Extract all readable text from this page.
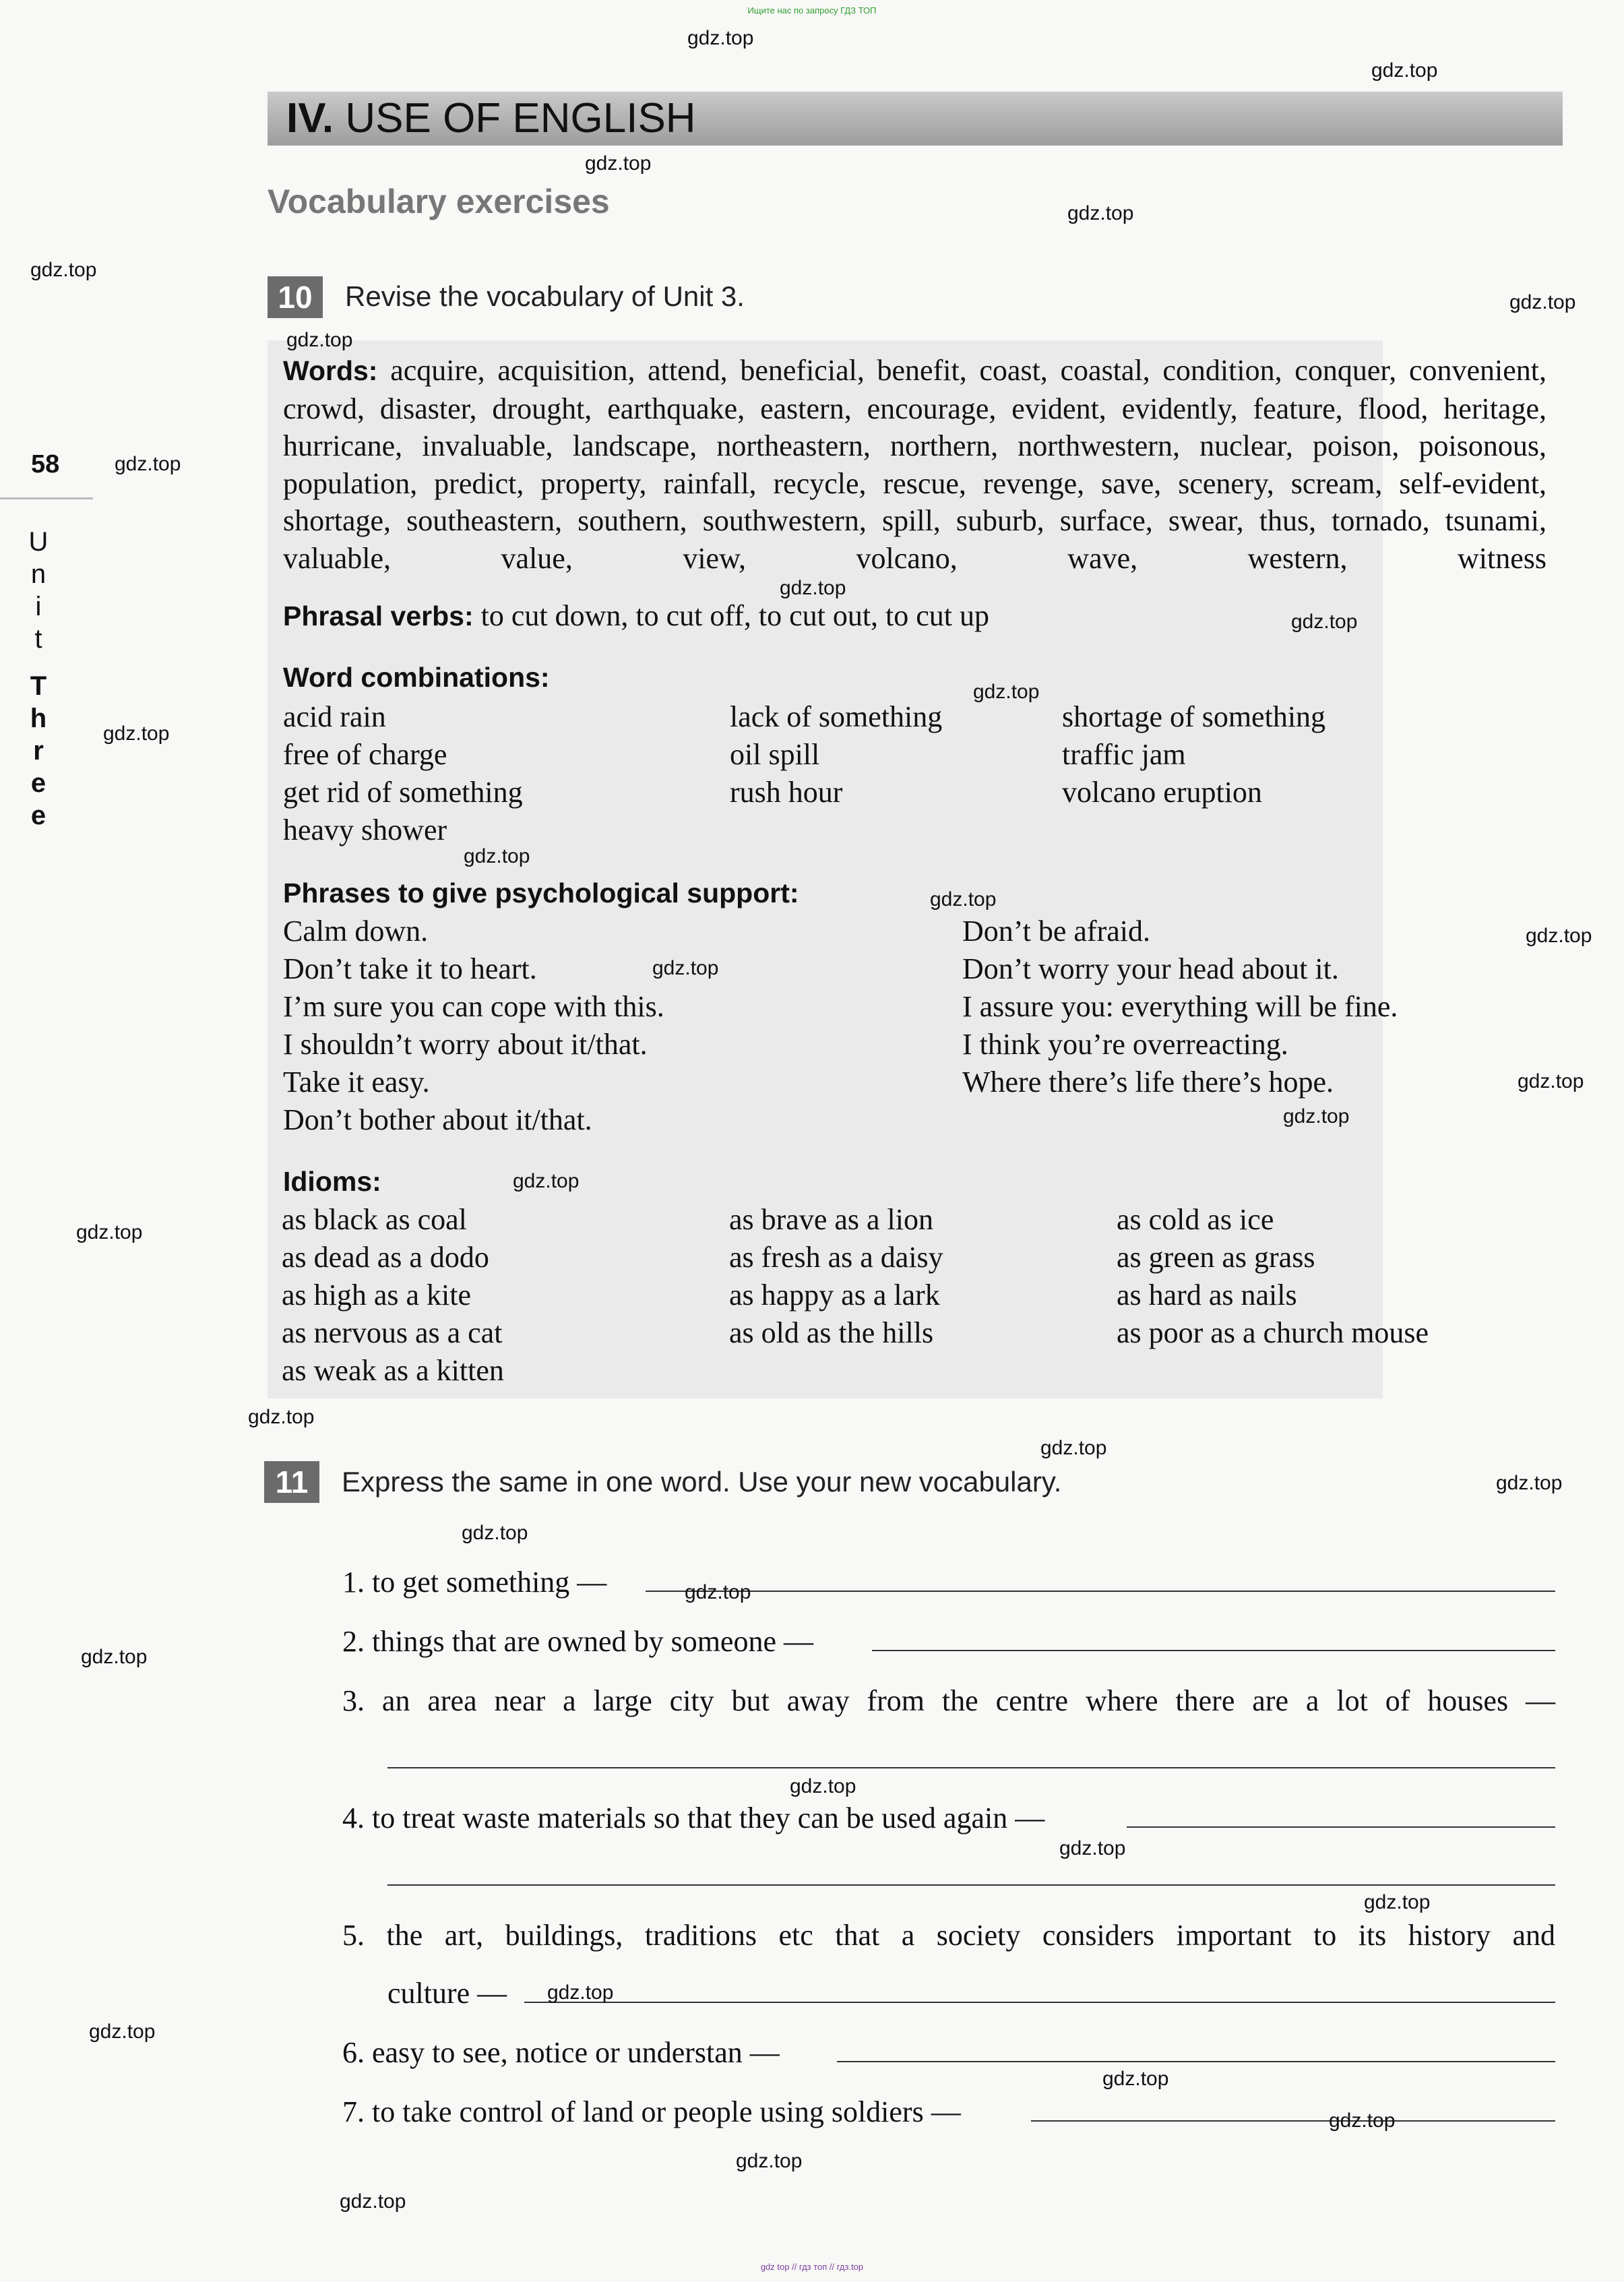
Ищите нас по запросу ГДЗ ТОП
gdz top // гдз топ // гдз.top
IV. USE OF ENGLISH
Vocabulary exercises
58
U
n
i
t
T
h
r
e
e
10	Revise the vocabulary of Unit 3.
Words: acquire, acquisition, attend, beneficial, benefit, coast, coastal, condition, conquer, convenient, crowd, disaster, drought, earthquake, eastern, encourage, evident, evidently, feature, flood, heritage, hurricane, invaluable, landscape, northeastern, northern, northwestern, nuclear, poison, poisonous, population, predict, property, rainfall, recycle, rescue, revenge, save, scenery, scream, self-evident, shortage, southeastern, southern, southwestern, spill, suburb, surface, swear, thus, tornado, tsunami, valuable, value, view, volcano, wave, western, witness
Phrasal verbs: to cut down, to cut off, to cut out, to cut up
Word combinations:
acid rain
free of charge
get rid of something
heavy shower
lack of something
oil spill
rush hour
shortage of something
traffic jam
volcano eruption
Phrases to give psychological support:
Calm down.
Don’t take it to heart.
I’m sure you can cope with this.
I shouldn’t worry about it/that.
Take it easy.
Don’t bother about it/that.
Don’t be afraid.
Don’t worry your head about it.
I assure you: everything will be fine.
I think you’re overreacting.
Where there’s life there’s hope.
Idioms:
as black as coal
as dead as a dodo
as high as a kite
as nervous as a cat
as weak as a kitten
as brave as a lion
as fresh as a daisy
as happy as a lark
as old as the hills
as cold as ice
as green as grass
as hard as nails
as poor as a church mouse
11	Express the same in one word. Use your new vocabulary.
1. to get something —
2. things that are owned by someone —
3. an area near a large city but away from the centre where there are a lot of houses —
4. to treat waste materials so that they can be used again —
5. the art, buildings, traditions etc that a society considers important to its history and
culture —
6. easy to see, notice or understan —
7. to take control of land or people using soldiers —
gdz.top
gdz.top
gdz.top
gdz.top
gdz.top
gdz.top
gdz.top
gdz.top
gdz.top
gdz.top
gdz.top
gdz.top
gdz.top
gdz.top
gdz.top
gdz.top
gdz.top
gdz.top
gdz.top
gdz.top
gdz.top
gdz.top
gdz.top
gdz.top
gdz.top
gdz.top
gdz.top
gdz.top
gdz.top
gdz.top
gdz.top
gdz.top
gdz.top
gdz.top
gdz.top
